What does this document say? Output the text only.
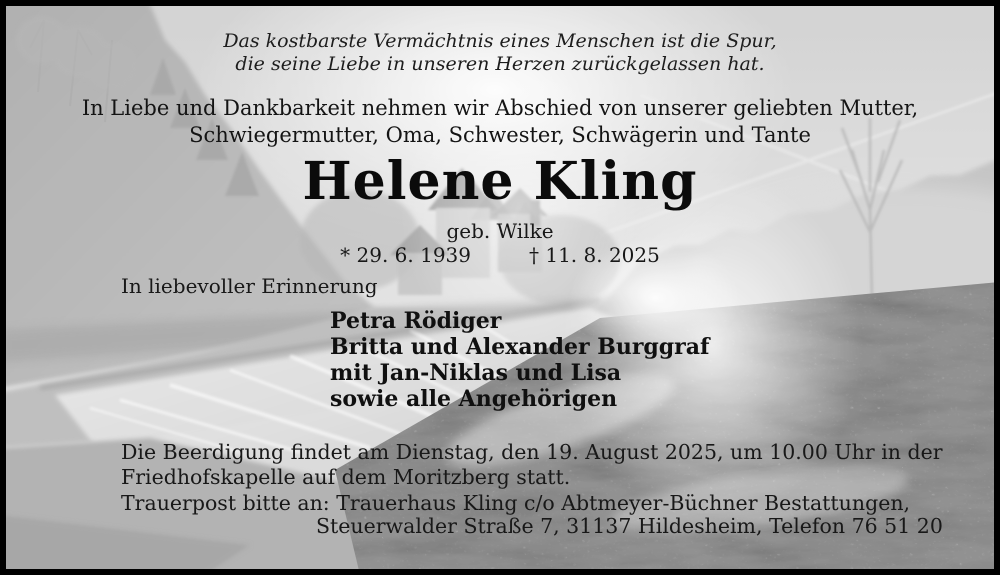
Das kostbarste Vermächtnis eines Menschen ist die Spur,
die seine Liebe in unseren Herzen zurückgelassen hat.
In Liebe und Dankbarkeit nehmen wir Abschied von unserer geliebten Mutter,
Schwiegermutter, Oma, Schwester, Schwägerin und Tante
Helene Kling
geb. Wilke
* 29. 6. 1939	† 11. 8. 2025
In liebevoller Erinnerung
Petra Rödiger
Britta und Alexander Burggraf
mit Jan-Niklas und Lisa
sowie alle Angehörigen
Die Beerdigung findet am Dienstag, den 19. August 2025, um 10.00 Uhr in der
Friedhofskapelle auf dem Moritzberg statt.
Trauerpost bitte an: Trauerhaus Kling c/o Abtmeyer-Büchner Bestattungen,
Steuerwalder Straße 7, 31137 Hildesheim, Telefon 76 51 20
